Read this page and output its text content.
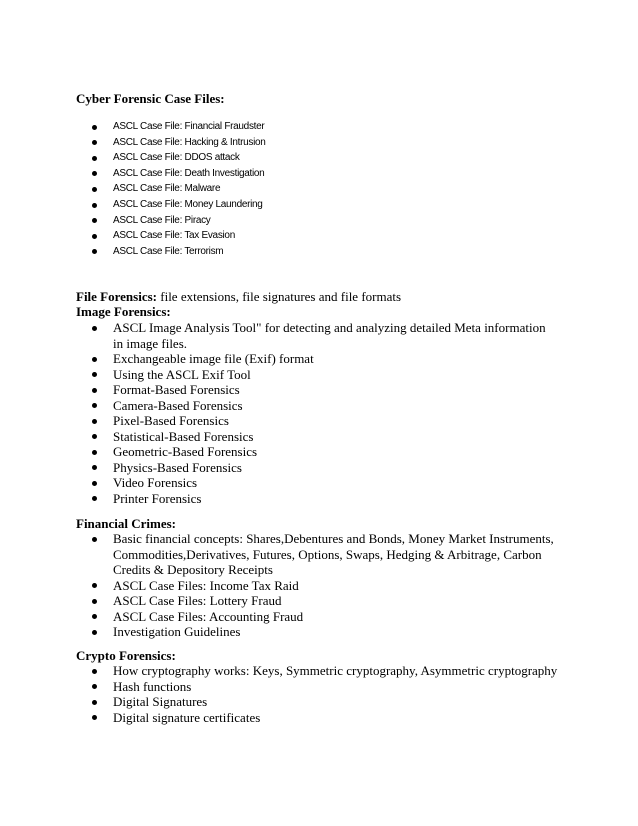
Cyber Forensic Case Files:
ASCL Case File: Financial Fraudster
ASCL Case File: Hacking & Intrusion
ASCL Case File: DDOS attack
ASCL Case File: Death Investigation
ASCL Case File: Malware
ASCL Case File: Money Laundering
ASCL Case File: Piracy
ASCL Case File: Tax Evasion
ASCL Case File: Terrorism
File Forensics: file extensions, file signatures and file formats
Image Forensics:
ASCL Image Analysis Tool" for detecting and analyzing detailed Meta information in image files.
Exchangeable image file (Exif) format
Using the ASCL Exif Tool
Format-Based Forensics
Camera-Based Forensics
Pixel-Based Forensics
Statistical-Based Forensics
Geometric-Based Forensics
Physics-Based Forensics
Video Forensics
Printer Forensics
Financial Crimes:
Basic financial concepts: Shares,Debentures and Bonds, Money Market Instruments, Commodities,Derivatives, Futures, Options, Swaps, Hedging & Arbitrage, Carbon Credits & Depository Receipts
ASCL Case Files: Income Tax Raid
ASCL Case Files: Lottery Fraud
ASCL Case Files: Accounting Fraud
Investigation Guidelines
Crypto Forensics:
How cryptography works: Keys, Symmetric cryptography, Asymmetric cryptography
Hash functions
Digital Signatures
Digital signature certificates
